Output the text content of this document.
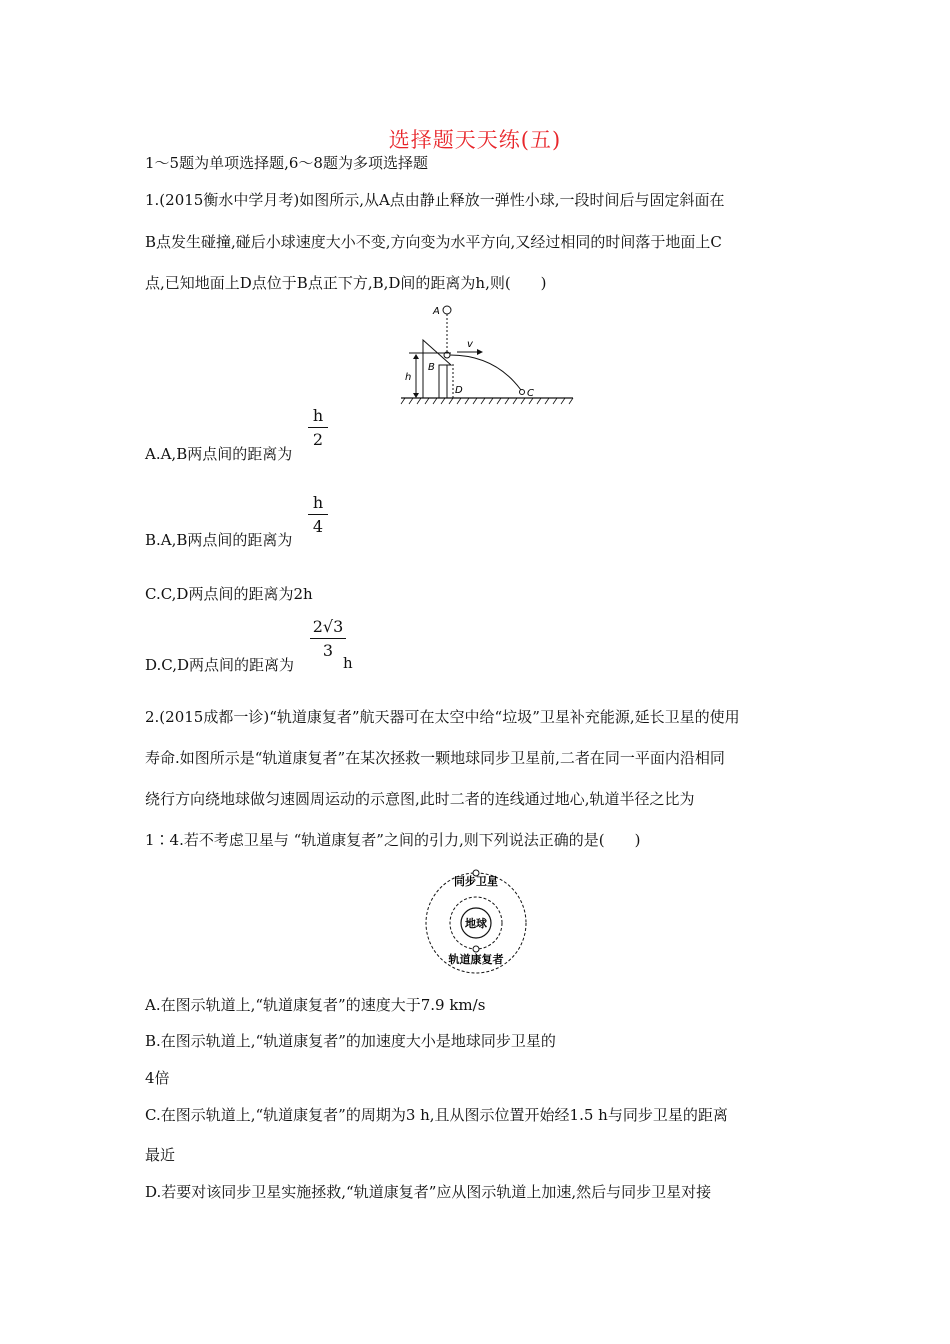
选择题天天练(五)
1～5题为单项选择题,6～8题为多项选择题
1.(2015衡水中学月考)如图所示,从A点由静止释放一弹性小球,一段时间后与固定斜面在
B点发生碰撞,碰后小球速度大小不变,方向变为水平方向,又经过相同的时间落于地面上C
点,已知地面上D点位于B点正下方,B,D间的距离为h,则(　　)
A
B
h
v
C
D
A.A,B两点间的距离为
h
2
B.A,B两点间的距离为
h
4
C.C,D两点间的距离为2h
D.C,D两点间的距离为
2√3
3
h
2.(2015成都一诊)“轨道康复者”航天器可在太空中给“垃圾”卫星补充能源,延长卫星的使用
寿命.如图所示是“轨道康复者”在某次拯救一颗地球同步卫星前,二者在同一平面内沿相同
绕行方向绕地球做匀速圆周运动的示意图,此时二者的连线通过地心,轨道半径之比为
1∶4.若不考虑卫星与 “轨道康复者”之间的引力,则下列说法正确的是(　　)
同步卫星
地球
轨道康复者
A.在图示轨道上,“轨道康复者”的速度大于7.9 km/s
B.在图示轨道上,“轨道康复者”的加速度大小是地球同步卫星的
4倍
C.在图示轨道上,“轨道康复者”的周期为3 h,且从图示位置开始经1.5 h与同步卫星的距离
最近
D.若要对该同步卫星实施拯救,“轨道康复者”应从图示轨道上加速,然后与同步卫星对接
